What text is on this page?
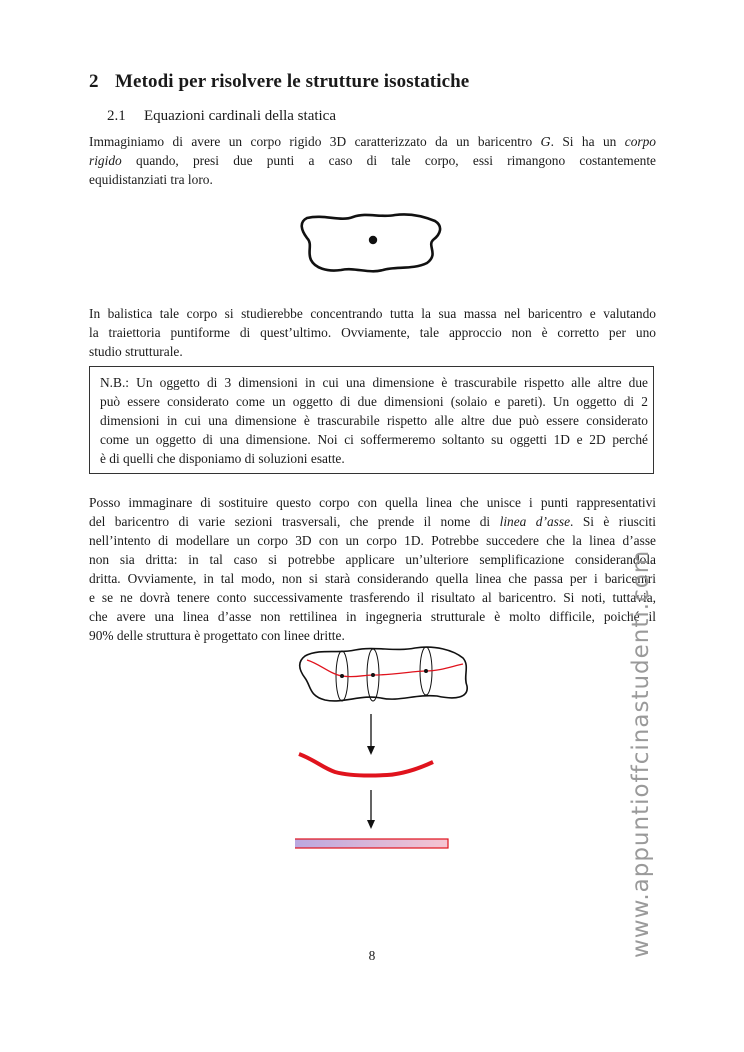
2 Metodi per risolvere le strutture isostatiche
2.1 Equazioni cardinali della statica
Immaginiamo di avere un corpo rigido 3D caratterizzato da un baricentro G. Si ha un corpo
rigido quando, presi due punti a caso di tale corpo, essi rimangono costantemente
equidistanziati tra loro.
In balistica tale corpo si studierebbe concentrando tutta la sua massa nel baricentro e valutando
la traiettoria puntiforme di quest’ultimo. Ovviamente, tale approccio non è corretto per uno
studio strutturale.
N.B.: Un oggetto di 3 dimensioni in cui una dimensione è trascurabile rispetto alle altre due
può essere considerato come un oggetto di due dimensioni (solaio e pareti). Un oggetto di 2
dimensioni in cui una dimensione è trascurabile rispetto alle altre due può essere considerato
come un oggetto di una dimensione. Noi ci soffermeremo soltanto su oggetti 1D e 2D perché
è di quelli che disponiamo di soluzioni esatte.
Posso immaginare di sostituire questo corpo con quella linea che unisce i punti rappresentativi
del baricentro di varie sezioni trasversali, che prende il nome di linea d’asse. Si è riusciti
nell’intento di modellare un corpo 3D con un corpo 1D. Potrebbe succedere che la linea d’asse
non sia dritta: in tal caso si potrebbe applicare un’ulteriore semplificazione considerandola
dritta. Ovviamente, in tal modo, non si starà considerando quella linea che passa per i baricentri
e se ne dovrà tenere conto successivamente trasferendo il risultato al baricentro. Si noti, tuttavia,
che avere una linea d’asse non rettilinea in ingegneria strutturale è molto difficile, poiché il
90% delle struttura è progettato con linee dritte.
8	www.appuntioffcinastudenti.com
